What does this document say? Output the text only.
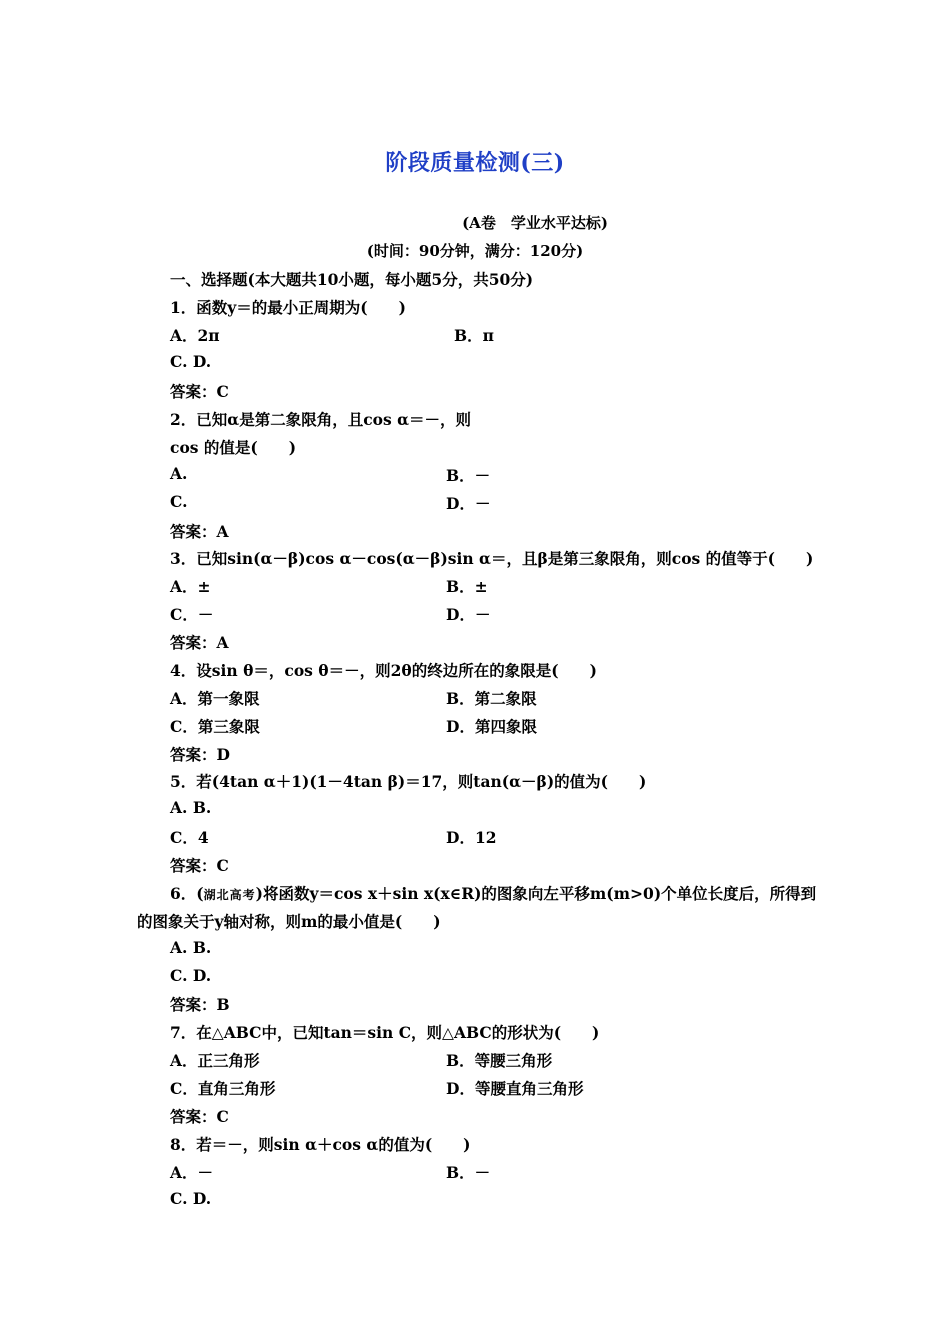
阶段质量检测(三)
(A卷　学业水平达标)
(时间：90分钟，满分：120分)
一、选择题(本大题共10小题，每小题5分，共50分)
1．函数y＝的最小正周期为(　　)
A．2π	B．π
C. D.
答案：C
2．已知α是第二象限角，且cos α＝－，则
cos 的值是(　　)
A.	B．－
C.	D．－
答案：A
3．已知sin(α－β)cos α－cos(α－β)sin α＝，且β是第三象限角，则cos 的值等于(　　)
A．±	B．±
C．－	D．－
答案：A
4．设sin θ＝，cos θ＝－，则2θ的终边所在的象限是(　　)
A．第一象限	B．第二象限
C．第三象限	D．第四象限
答案：D
5．若(4tan α＋1)(1－4tan β)＝17，则tan(α－β)的值为(　　)
A. B.
C．4	D．12
答案：C
6．(湖北高考)将函数y＝cos x＋sin x(x∈R)的图象向左平移m(m>0)个单位长度后，所得到
的图象关于y轴对称，则m的最小值是(　　)
A. B.
C. D.
答案：B
7．在△ABC中，已知tan＝sin C，则△ABC的形状为(　　)
A．正三角形	B．等腰三角形
C．直角三角形	D．等腰直角三角形
答案：C
8．若＝－，则sin α＋cos α的值为(　　)
A．－	B．－
C. D.
